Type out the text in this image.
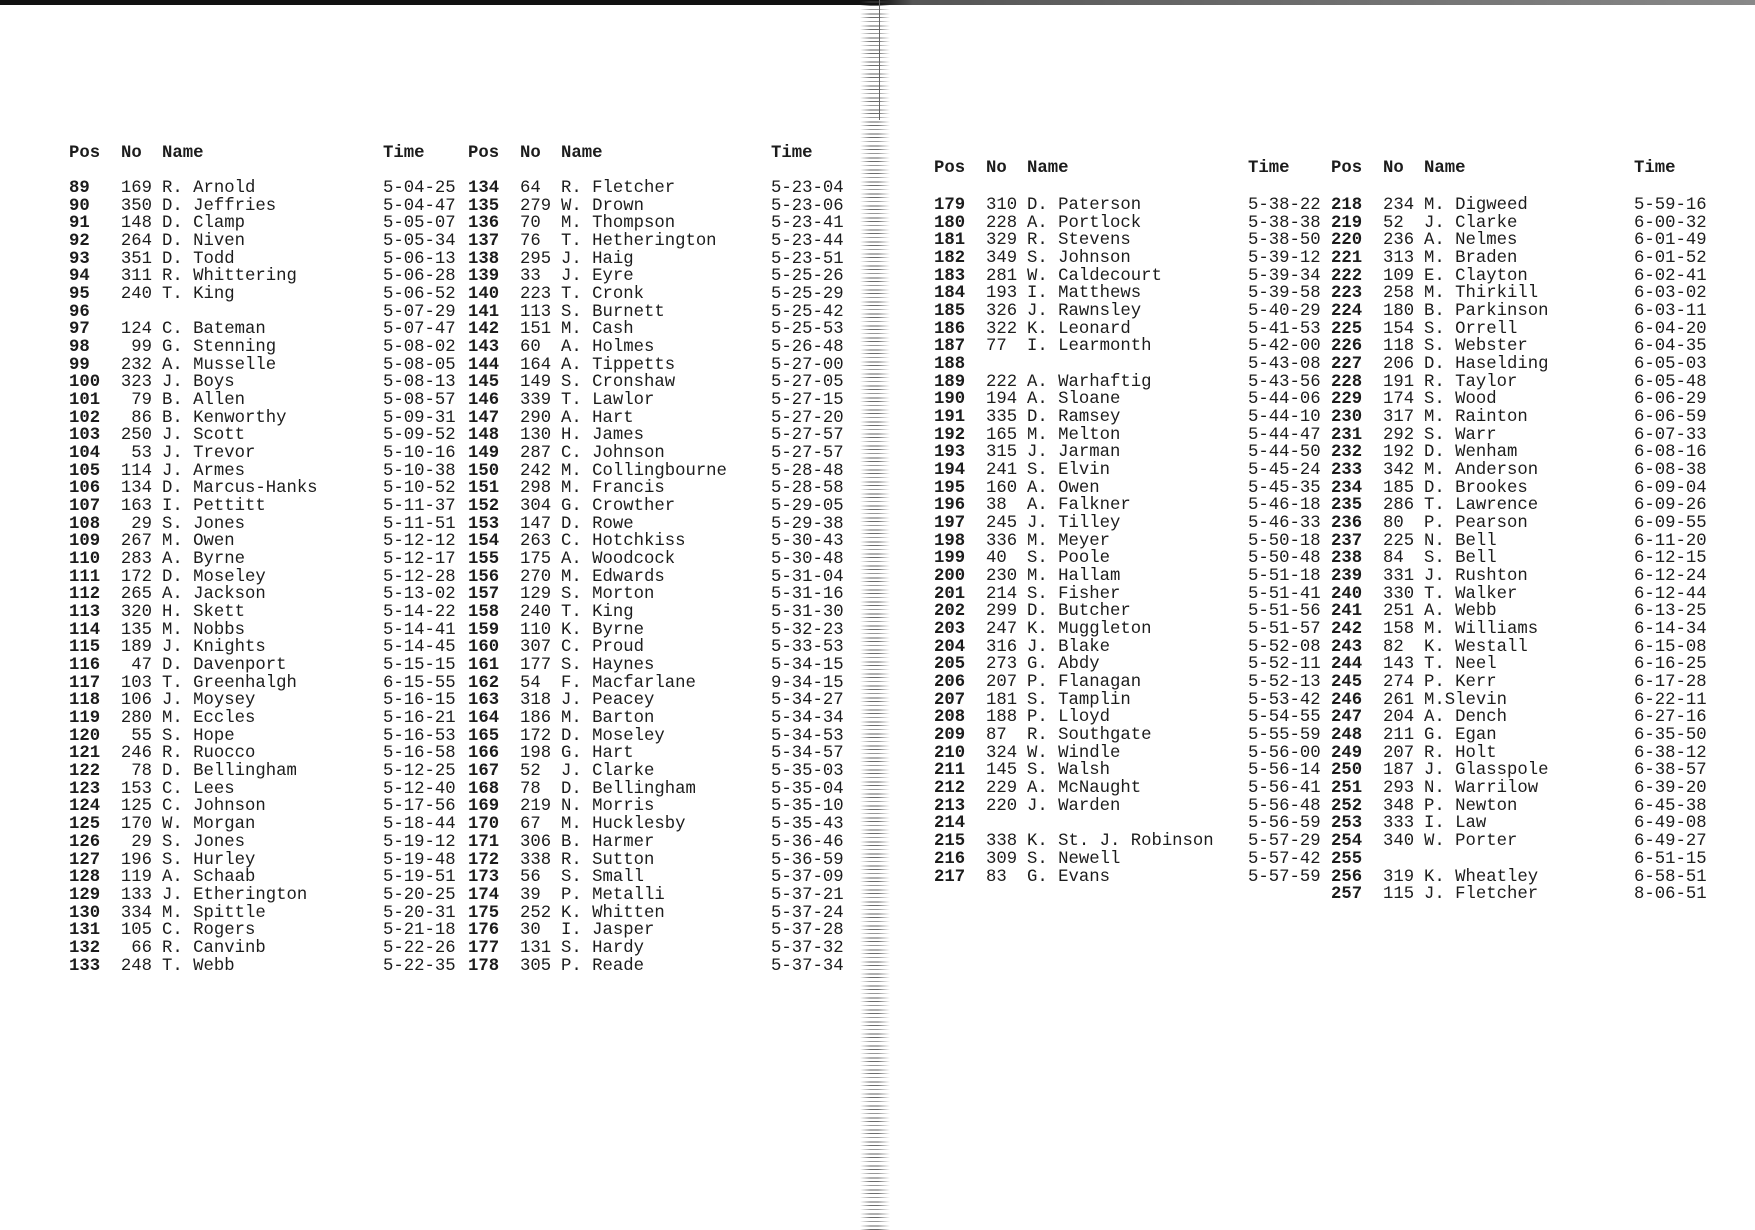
Pos No Name	Time
89 169 R. Arnold	5-04-25
90 350 D. Jeffries	5-04-47
91 148 D. Clamp	5-05-07
92 264 D. Niven	5-05-34
93 351 D. Todd	5-06-13
94 311 R. Whittering	5-06-28
95 240 T. King	5-06-52
96	5-07-29
97 124 C. Bateman	5-07-47
98	99 G. Stenning	5-08-02
99 232 A. Musselle	5-08-05
100 323 J. Boys	5-08-13
101	79 B. Allen	5-08-57
102	86 B. Kenworthy	5-09-31
103 250 J. Scott	5-09-52
104	53 J. Trevor	5-10-16
105 114 J. Armes	5-10-38
106 134 D. Marcus-Hanks	5-10-52
107 163 I. Pettitt	5-11-37
108	29 S. Jones	5-11-51
109 267 M. Owen	5-12-12
110 283 A. Byrne	5-12-17
111 172 D. Moseley	5-12-28
112 265 A. Jackson	5-13-02
113 320 H. Skett	5-14-22
114 135 M. Nobbs	5-14-41
115 189 J. Knights	5-14-45
116	47 D. Davenport	5-15-15
117 103 T. Greenhalgh	6-15-55
118 106 J. Moysey	5-16-15
119 280 M. Eccles	5-16-21
120	55 S. Hope	5-16-53
121 246 R. Ruocco	5-16-58
122	78 D. Bellingham	5-12-25
123 153 C. Lees	5-12-40
124 125 C. Johnson	5-17-56
125 170 W. Morgan	5-18-44
126	29 S. Jones	5-19-12
127 196 S. Hurley	5-19-48
128 119 A. Schaab	5-19-51
129 133 J. Etherington	5-20-25
130 334 M. Spittle	5-20-31
131 105 C. Rogers	5-21-18
132	66 R. Canvinb	5-22-26
133 248 T. Webb	5-22-35
Pos No Name	Time
134 64 R. Fletcher	5-23-04
135 279 W. Drown	5-23-06
136 70 M. Thompson	5-23-41
137 76 T. Hetherington	5-23-44
138 295 J. Haig	5-23-51
139 33 J. Eyre	5-25-26
140 223 T. Cronk	5-25-29
141 113 S. Burnett	5-25-42
142 151 M. Cash	5-25-53
143 60 A. Holmes	5-26-48
144 164 A. Tippetts	5-27-00
145 149 S. Cronshaw	5-27-05
146 339 T. Lawlor	5-27-15
147 290 A. Hart	5-27-20
148 130 H. James	5-27-57
149 287 C. Johnson	5-27-57
150 242 M. Collingbourne	5-28-48
151 298 M. Francis	5-28-58
152 304 G. Crowther	5-29-05
153 147 D. Rowe	5-29-38
154 263 C. Hotchkiss	5-30-43
155 175 A. Woodcock	5-30-48
156 270 M. Edwards	5-31-04
157 129 S. Morton	5-31-16
158 240 T. King	5-31-30
159 110 K. Byrne	5-32-23
160 307 C. Proud	5-33-53
161 177 S. Haynes	5-34-15
162 54 F. Macfarlane	9-34-15
163 318 J. Peacey	5-34-27
164 186 M. Barton	5-34-34
165 172 D. Moseley	5-34-53
166 198 G. Hart	5-34-57
167 52 J. Clarke	5-35-03
168 78 D. Bellingham	5-35-04
169 219 N. Morris	5-35-10
170 67 M. Hucklesby	5-35-43
171 306 B. Harmer	5-36-46
172 338 R. Sutton	5-36-59
173 56 S. Small	5-37-09
174 39 P. Metalli	5-37-21
175 252 K. Whitten	5-37-24
176 30 I. Jasper	5-37-28
177 131 S. Hardy	5-37-32
178 305 P. Reade	5-37-34
Pos No Name	Time
179 310 D. Paterson	5-38-22
180 228 A. Portlock	5-38-38
181 329 R. Stevens	5-38-50
182 349 S. Johnson	5-39-12
183 281 W. Caldecourt	5-39-34
184 193 I. Matthews	5-39-58
185 326 J. Rawnsley	5-40-29
186 322 K. Leonard	5-41-53
187 77 I. Learmonth	5-42-00
188	5-43-08
189 222 A. Warhaftig	5-43-56
190 194 A. Sloane	5-44-06
191 335 D. Ramsey	5-44-10
192 165 M. Melton	5-44-47
193 315 J. Jarman	5-44-50
194 241 S. Elvin	5-45-24
195 160 A. Owen	5-45-35
196 38 A. Falkner	5-46-18
197 245 J. Tilley	5-46-33
198 336 M. Meyer	5-50-18
199 40 S. Poole	5-50-48
200 230 M. Hallam	5-51-18
201 214 S. Fisher	5-51-41
202 299 D. Butcher	5-51-56
203 247 K. Muggleton	5-51-57
204 316 J. Blake	5-52-08
205 273 G. Abdy	5-52-11
206 207 P. Flanagan	5-52-13
207 181 S. Tamplin	5-53-42
208 188 P. Lloyd	5-54-55
209 87 R. Southgate	5-55-59
210 324 W. Windle	5-56-00
211 145 S. Walsh	5-56-14
212 229 A. McNaught	5-56-41
213 220 J. Warden	5-56-48
214	5-56-59
215 338 K. St. J. Robinson 5-57-29
216 309 S. Newell	5-57-42
217 83 G. Evans	5-57-59
Pos No Name	Time
218 234 M. Digweed	5-59-16
219 52 J. Clarke	6-00-32
220 236 A. Nelmes	6-01-49
221 313 M. Braden	6-01-52
222 109 E. Clayton	6-02-41
223 258 M. Thirkill	6-03-02
224 180 B. Parkinson	6-03-11
225 154 S. Orrell	6-04-20
226 118 S. Webster	6-04-35
227 206 D. Haselding	6-05-03
228 191 R. Taylor	6-05-48
229 174 S. Wood	6-06-29
230 317 M. Rainton	6-06-59
231 292 S. Warr	6-07-33
232 192 D. Wenham	6-08-16
233 342 M. Anderson	6-08-38
234 185 D. Brookes	6-09-04
235 286 T. Lawrence	6-09-26
236 80 P. Pearson	6-09-55
237 225 N. Bell	6-11-20
238 84 S. Bell	6-12-15
239 331 J. Rushton	6-12-24
240 330 T. Walker	6-12-44
241 251 A. Webb	6-13-25
242 158 M. Williams	6-14-34
243 82 K. Westall	6-15-08
244 143 T. Neel	6-16-25
245 274 P. Kerr	6-17-28
246 261 M.Slevin	6-22-11
247 204 A. Dench	6-27-16
248 211 G. Egan	6-35-50
249 207 R. Holt	6-38-12
250 187 J. Glasspole	6-38-57
251 293 N. Warrilow	6-39-20
252 348 P. Newton	6-45-38
253 333 I. Law	6-49-08
254 340 W. Porter	6-49-27
255	6-51-15
256 319 K. Wheatley	6-58-51
257 115 J. Fletcher	8-06-51
